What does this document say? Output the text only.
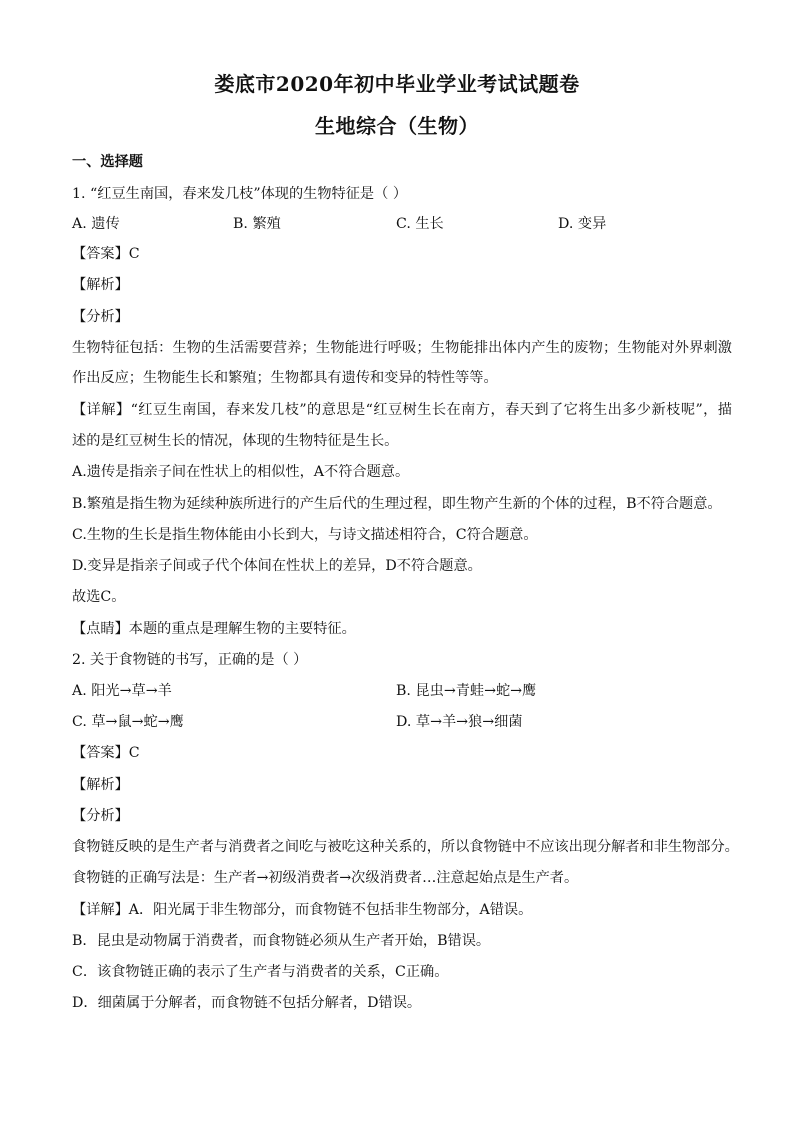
娄底市2020年初中毕业学业考试试题卷
生地综合（生物）
一、选择题
1. “红豆生南国，春来发几枝”体现的生物特征是（ ）
A. 遗传	B. 繁殖	C. 生长	D. 变异
【答案】C
【解析】
【分析】
生物特征包括：生物的生活需要营养；生物能进行呼吸；生物能排出体内产生的废物；生物能对外界刺激
作出反应；生物能生长和繁殖；生物都具有遗传和变异的特性等等。
【详解】“红豆生南国，春来发几枝”的意思是“红豆树生长在南方，春天到了它将生出多少新枝呢”，描
述的是红豆树生长的情况，体现的生物特征是生长。
A.遗传是指亲子间在性状上的相似性，A不符合题意。
B.繁殖是指生物为延续种族所进行的产生后代的生理过程，即生物产生新的个体的过程，B不符合题意。
C.生物的生长是指生物体能由小长到大，与诗文描述相符合，C符合题意。
D.变异是指亲子间或子代个体间在性状上的差异，D不符合题意。
故选C。
【点睛】本题的重点是理解生物的主要特征。
2. 关于食物链的书写，正确的是（ ）
A. 阳光→草→羊	B. 昆虫→青蛙→蛇→鹰
C. 草→鼠→蛇→鹰	D. 草→羊→狼→细菌
【答案】C
【解析】
【分析】
食物链反映的是生产者与消费者之间吃与被吃这种关系的，所以食物链中不应该出现分解者和非生物部分。
食物链的正确写法是：生产者→初级消费者→次级消费者…注意起始点是生产者。
【详解】A．阳光属于非生物部分，而食物链不包括非生物部分，A错误。
B．昆虫是动物属于消费者，而食物链必须从生产者开始，B错误。
C．该食物链正确的表示了生产者与消费者的关系，C正确。
D．细菌属于分解者，而食物链不包括分解者，D错误。
